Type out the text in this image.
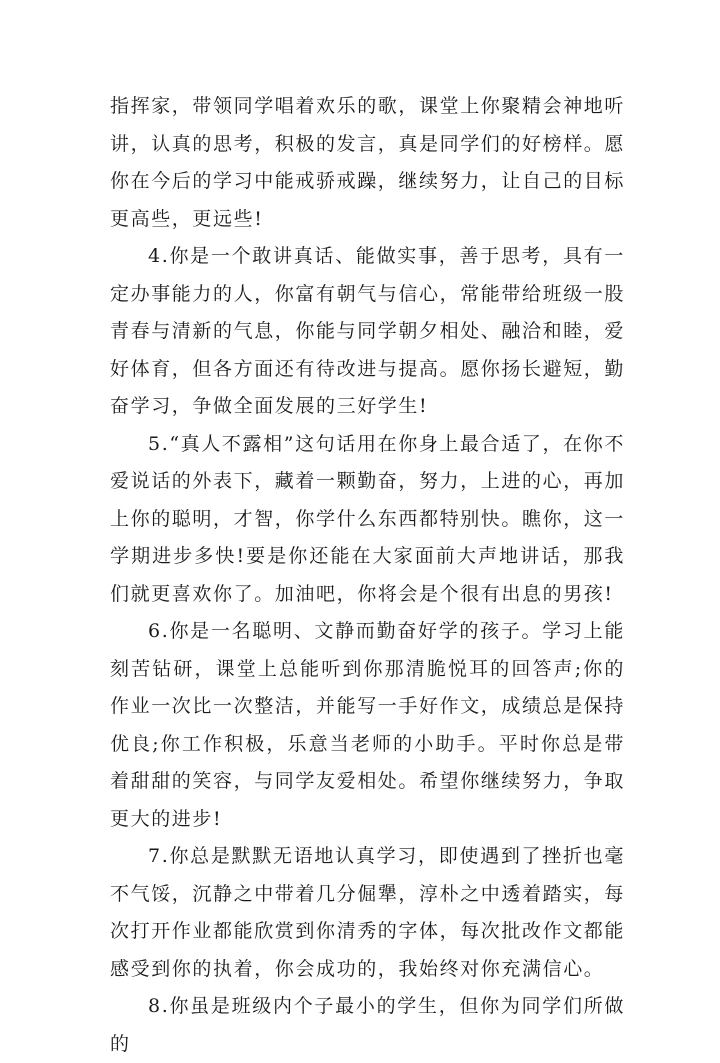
指挥家，带领同学唱着欢乐的歌，课堂上你聚精会神地听讲，认真的思考，积极的发言，真是同学们的好榜样。愿你在今后的学习中能戒骄戒躁，继续努力，让自己的目标更高些，更远些!

4.你是一个敢讲真话、能做实事，善于思考，具有一定办事能力的人，你富有朝气与信心，常能带给班级一股青春与清新的气息，你能与同学朝夕相处、融洽和睦，爱好体育，但各方面还有待改进与提高。愿你扬长避短，勤奋学习，争做全面发展的三好学生!

5.“真人不露相”这句话用在你身上最合适了，在你不爱说话的外表下，藏着一颗勤奋，努力，上进的心，再加上你的聪明，才智，你学什么东西都特别快。瞧你，这一学期进步多快!要是你还能在大家面前大声地讲话，那我们就更喜欢你了。加油吧，你将会是个很有出息的男孩!

6.你是一名聪明、文静而勤奋好学的孩子。学习上能刻苦钻研，课堂上总能听到你那清脆悦耳的回答声;你的作业一次比一次整洁，并能写一手好作文，成绩总是保持优良;你工作积极，乐意当老师的小助手。平时你总是带着甜甜的笑容，与同学友爱相处。希望你继续努力，争取更大的进步!

7.你总是默默无语地认真学习，即使遇到了挫折也毫不气馁，沉静之中带着几分倔犟，淳朴之中透着踏实，每次打开作业都能欣赏到你清秀的字体，每次批改作文都能感受到你的执着，你会成功的，我始终对你充满信心。

8.你虽是班级内个子最小的学生，但你为同学们所做的
